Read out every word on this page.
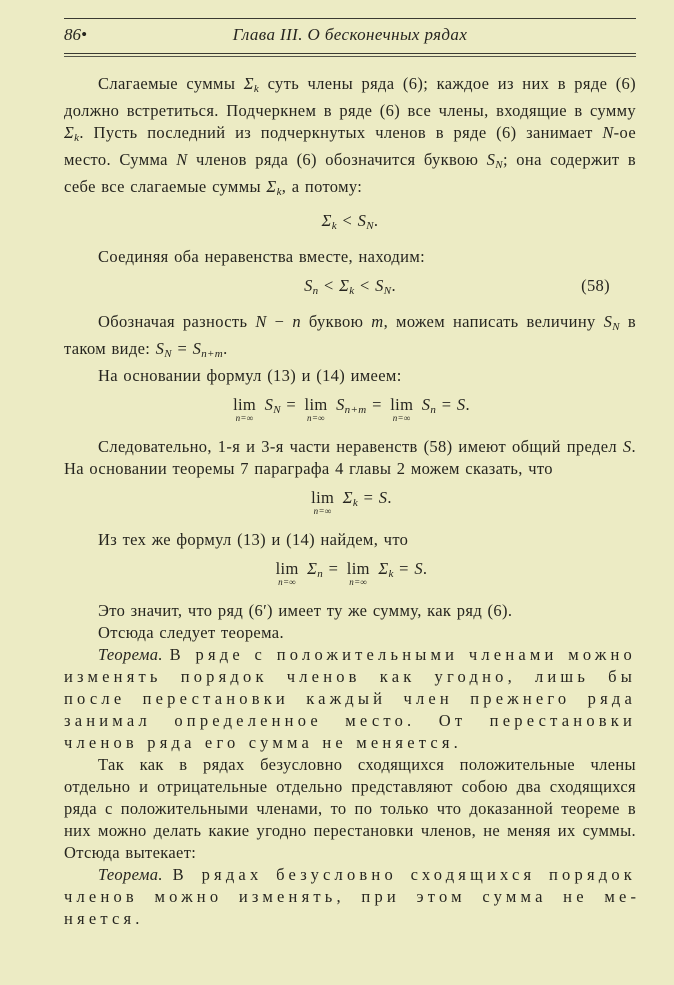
86•	Глава III. О бесконечных рядах

Слагаемые суммы $\Sigma_k$ суть члены ряда (6); каждое из них в ряде (6) должно встретиться. Подчеркнем в ряде (6) все члены, входящие в сумму $\Sigma_k$. Пусть последний из подчеркнутых членов в ряде (6) занимает N-ое место. Сумма N членов ряда (6) обозначится буквою $S_N$; она содержит в себе все слагаемые суммы $\Sigma_k$, а потому:

$\Sigma_k < S_N$.

Соединяя оба неравенства вместе, находим:

$S_n < \Sigma_k < S_N$.	(58)

Обозначая разность N − n буквою m, можем написать величину $S_N$ в таком виде: $S_N = S_{n+m}$.

На основании формул (13) и (14) имеем:

lim
n=∞
$S_N = \lim$
n=∞
$S_{n+m} = \lim$
n=∞
$S_n = S$.

Следовательно, 1-я и 3-я части неравенств (58) имеют общий предел S. На основании теоремы 7 параграфа 4 главы 2 можем сказать, что

lim
n=∞
$\Sigma_k = S$.

Из тех же формул (13) и (14) найдем, что

lim
n=∞
$\Sigma_n = \lim$
n=∞
$\Sigma_k = S$.

Это значит, что ряд (6′) имеет ту же сумму, как ряд (6).

Отсюда следует теорема.

Теорема. В ряде с положительными членами можно изменять порядок членов как угодно, лишь бы после перестановки каждый член прежнего ряда занимал определенное место. От перестановки членов ряда его сумма не меняется.

Так как в рядах безусловно сходящихся положительные члены отдельно и отрицательные отдельно представляют собою два сходящихся ряда с положительными членами, то по только что доказанной теореме в них можно делать какие угодно перестановки членов, не меняя их суммы. Отсюда вытекает:

Теорема. В рядах безусловно сходящихся порядок членов можно изменять, при этом сумма не меняется.
